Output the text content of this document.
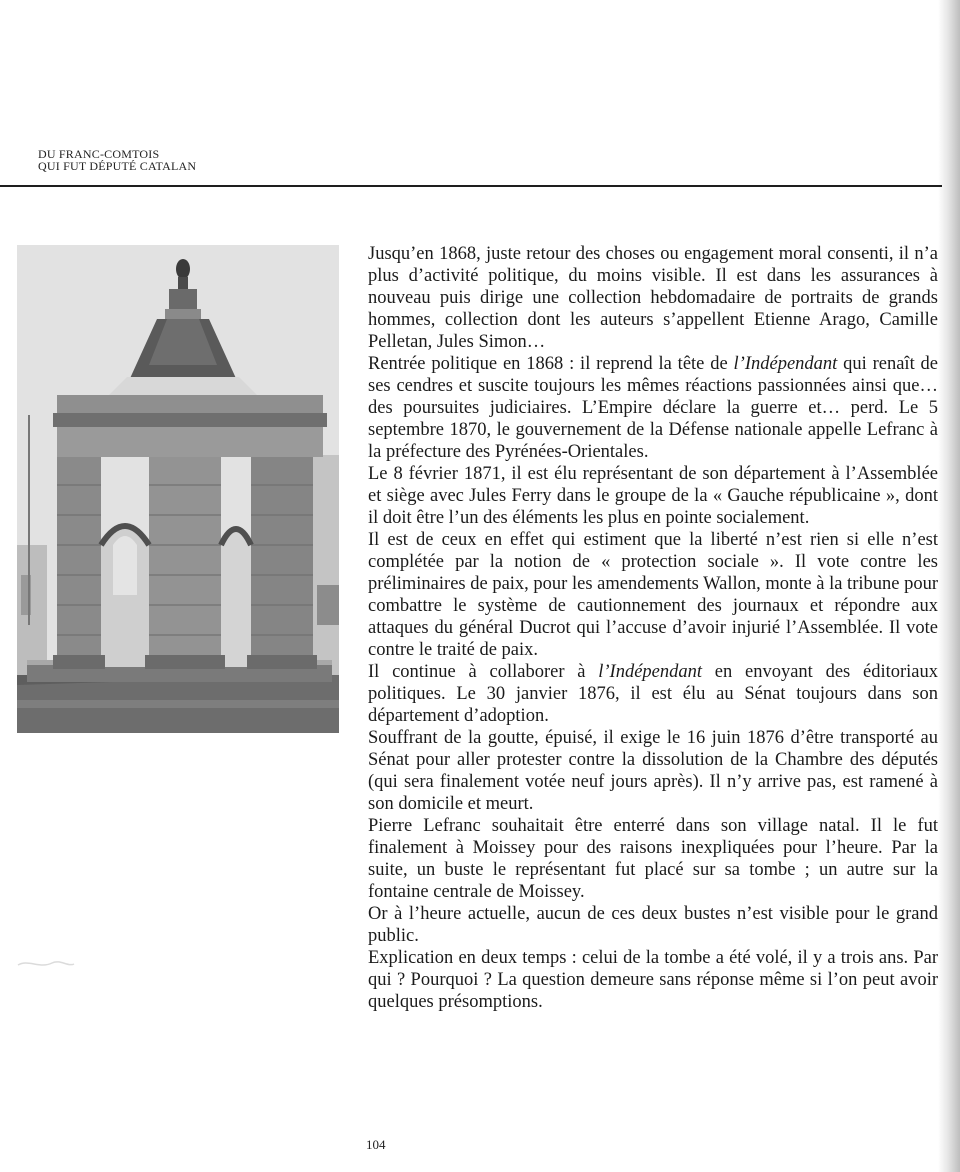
DU FRANC-COMTOIS
QUI FUT DÉPUTÉ CATALAN

Jusqu’en 1868, juste retour des choses ou engagement moral consenti, il n’a plus d’activité politique, du moins visible. Il est dans les assurances à nouveau puis dirige une collection hebdomadaire de portraits de grands hommes, collection dont les auteurs s’appellent Etienne Arago, Camille Pelletan, Jules Simon…

Rentrée politique en 1868 : il reprend la tête de l’Indépendant qui renaît de ses cendres et suscite toujours les mêmes réactions passionnées ainsi que… des poursuites judiciaires. L’Empire déclare la guerre et… perd. Le 5 septembre 1870, le gouvernement de la Défense nationale appelle Lefranc à la préfecture des Pyrénées-Orientales.

Le 8 février 1871, il est élu représentant de son département à l’Assemblée et siège avec Jules Ferry dans le groupe de la « Gauche républicaine », dont il doit être l’un des éléments les plus en pointe socialement.

Il est de ceux en effet qui estiment que la liberté n’est rien si elle n’est complétée par la notion de « protection sociale ». Il vote contre les préliminaires de paix, pour les amendements Wallon, monte à la tribune pour combattre le système de cautionnement des journaux et répondre aux attaques du général Ducrot qui l’accuse d’avoir injurié l’Assemblée. Il vote contre le traité de paix.

Il continue à collaborer à l’Indépendant en envoyant des éditoriaux politiques. Le 30 janvier 1876, il est élu au Sénat toujours dans son département d’adoption.

Souffrant de la goutte, épuisé, il exige le 16 juin 1876 d’être transporté au Sénat pour aller protester contre la dissolution de la Chambre des députés (qui sera finalement votée neuf jours après). Il n’y arrive pas, est ramené à son domicile et meurt.

Pierre Lefranc souhaitait être enterré dans son village natal. Il le fut finalement à Moissey pour des raisons inexpliquées pour l’heure. Par la suite, un buste le représentant fut placé sur sa tombe ; un autre sur la fontaine centrale de Moissey.

Or à l’heure actuelle, aucun de ces deux bustes n’est visible pour le grand public.

Explication en deux temps : celui de la tombe a été volé, il y a trois ans. Par qui ? Pourquoi ? La question demeure sans réponse même si l’on peut avoir quelques présomptions.

104
